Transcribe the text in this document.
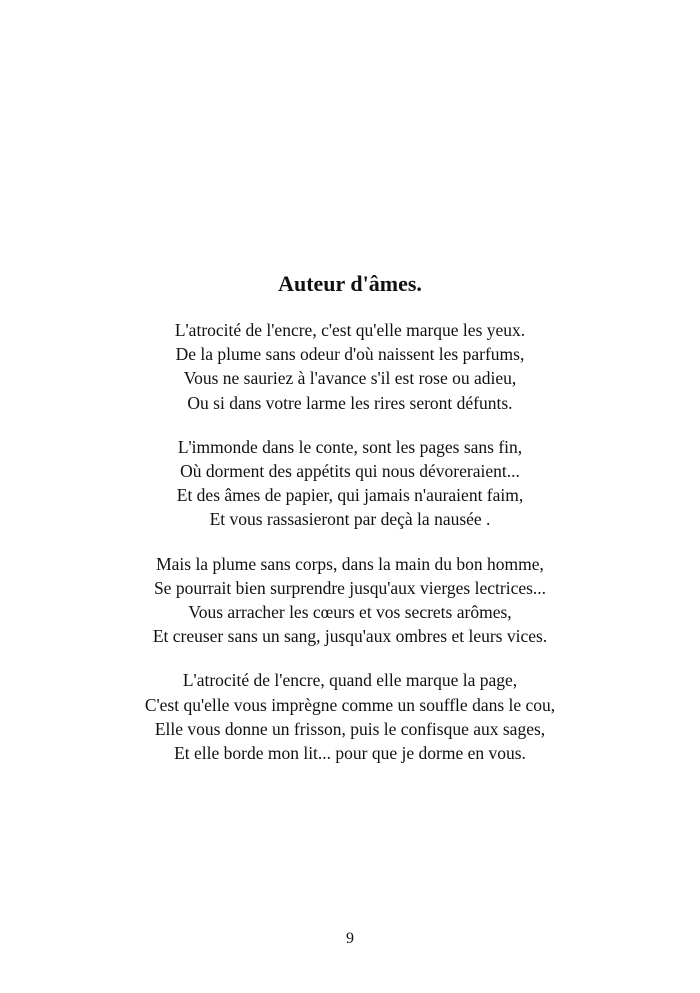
Auteur d'âmes.
L'atrocité de l'encre, c'est qu'elle marque les yeux.
De la plume sans odeur d'où naissent les parfums,
Vous ne sauriez à l'avance s'il est rose ou adieu,
Ou si dans votre larme les rires seront défunts.
L'immonde dans le conte, sont les pages sans fin,
Où dorment des appétits qui nous dévoreraient...
Et des âmes de papier, qui jamais n'auraient faim,
Et vous rassasieront par deçà la nausée .
Mais la plume sans corps, dans la main du bon homme,
Se pourrait bien surprendre jusqu'aux vierges lectrices...
Vous arracher les cœurs et vos secrets arômes,
Et creuser sans un sang, jusqu'aux ombres et leurs vices.
L'atrocité de l'encre, quand elle marque la page,
C'est qu'elle vous imprègne comme un souffle dans le cou,
Elle vous donne un frisson, puis le confisque aux sages,
Et elle borde mon lit... pour que je dorme en vous.
9
